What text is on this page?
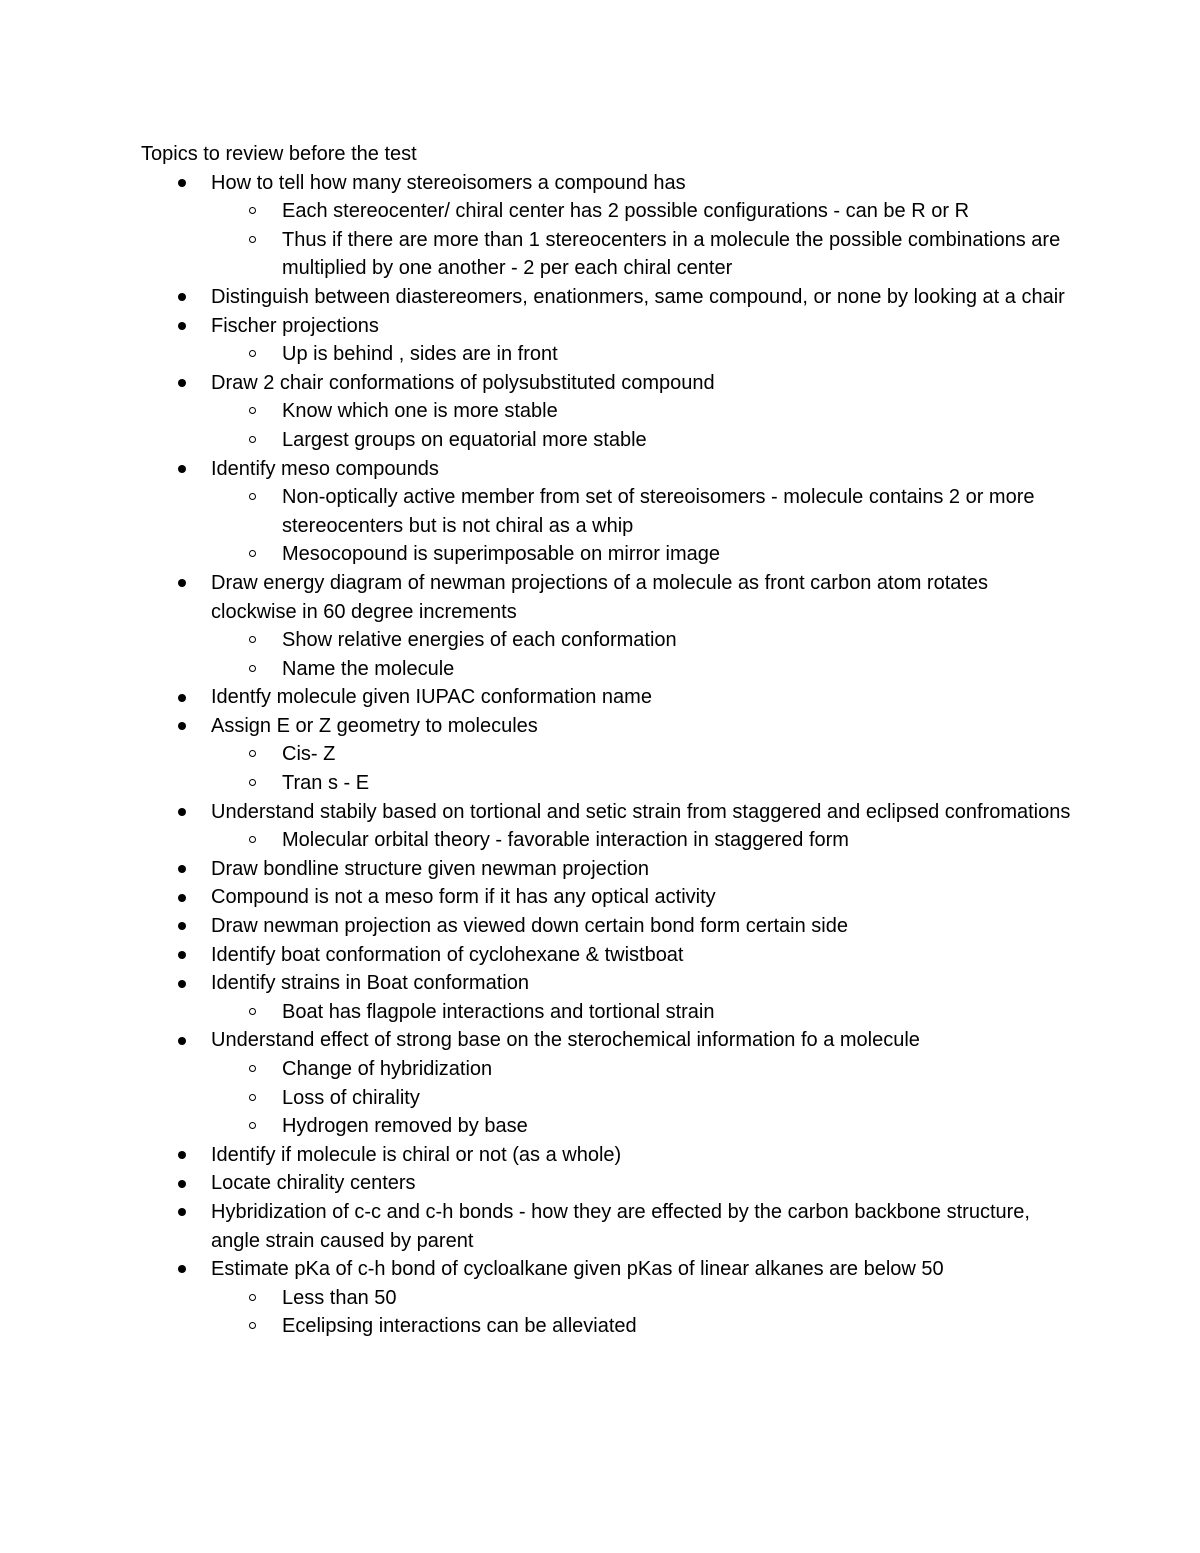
Topics to review before the test
How to tell how many stereoisomers a compound has
Each stereocenter/ chiral center has 2 possible configurations - can be R or R
Thus if there are more than 1 stereocenters in a molecule the possible combinations are multiplied by one another - 2 per each chiral center
Distinguish between diastereomers, enationmers, same compound, or none by looking at a chair
Fischer projections
Up is behind , sides are in front
Draw 2 chair conformations of polysubstituted compound
Know which one is more stable
Largest groups on equatorial more stable
Identify meso compounds
Non-optically active member from set of stereoisomers - molecule contains 2 or more stereocenters but is not chiral as a whip
Mesocopound is superimposable on mirror image
Draw energy diagram of newman projections of a molecule as front carbon atom rotates clockwise in 60 degree increments
Show relative energies of each conformation
Name the molecule
Identfy molecule given IUPAC conformation name
Assign E or Z geometry to molecules
Cis- Z
Tran s - E
Understand stabily based on tortional and setic strain from staggered and eclipsed confromations
Molecular orbital theory - favorable interaction in staggered form
Draw bondline structure given newman projection
Compound is not a meso form if it has any optical activity
Draw newman projection as viewed down certain bond form certain side
Identify boat conformation of cyclohexane & twistboat
Identify strains in Boat conformation
Boat has flagpole interactions and tortional strain
Understand effect of strong base on the sterochemical information fo a molecule
Change of hybridization
Loss of chirality
Hydrogen removed by base
Identify if molecule is chiral or not (as a whole)
Locate chirality centers
Hybridization of c-c and c-h bonds - how they are effected by the carbon backbone structure, angle strain caused by parent
Estimate pKa of c-h bond of cycloalkane given pKas of linear alkanes are below 50
Less than 50
Ecelipsing interactions can be alleviated
